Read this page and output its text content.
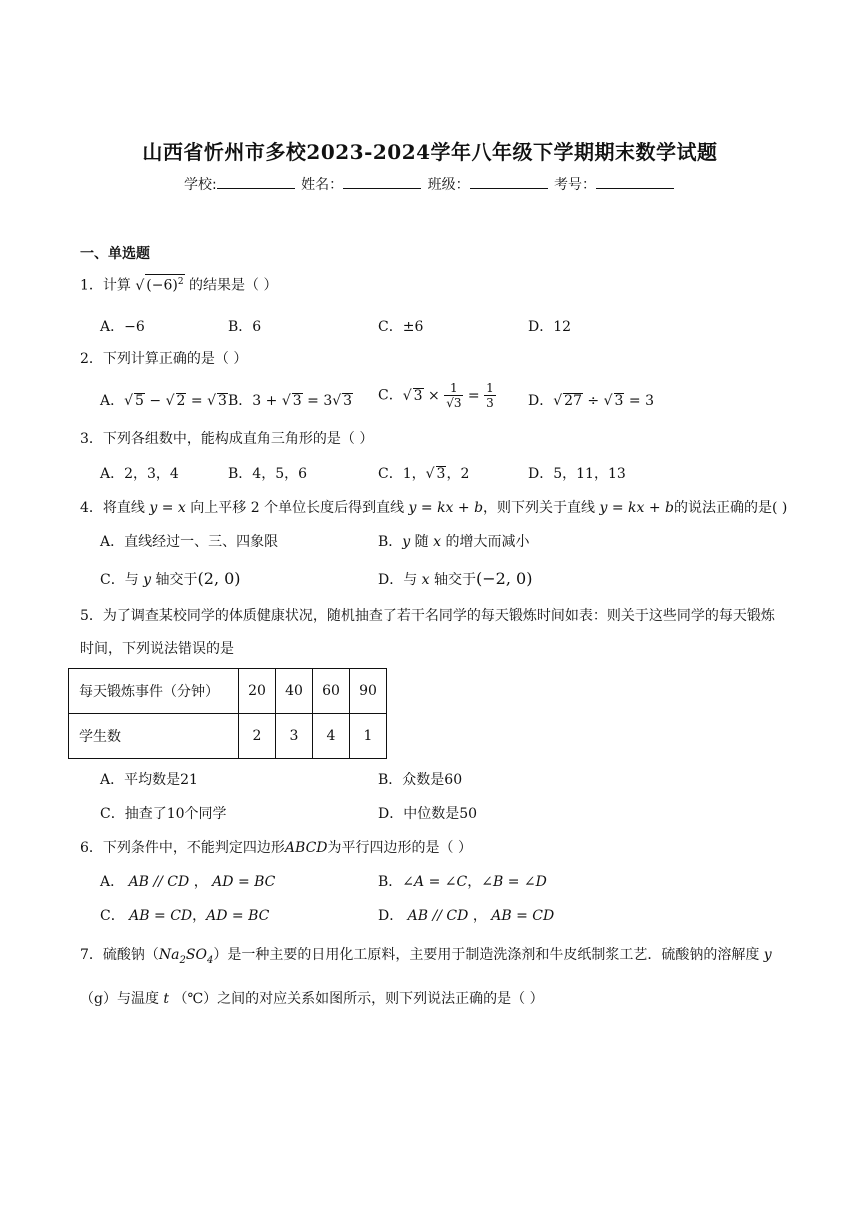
山西省忻州市多校2023-2024学年八年级下学期期末数学试题
学校:	姓名：	班级：	考号：
一、单选题
1．计算 √ $(-6)^2$ 的结果是（ ）
A．−6	B．6	C．±6	D．12
2．下列计算正确的是（ ）
A．√ 5 − √ 2 = √ 3 B．3 + √ 3 = 3√ 3 C．√ $3 \times \frac{1}{√3} = \frac{1}{3}$ D．√ 27 ÷ √ 3 = 3
3．下列各组数中，能构成直角三角形的是（ ）
A．2，3，4	B．4，5，6	C．1，√ 3，2	D．5，11，13
4．将直线 y = x 向上平移 2 个单位长度后得到直线 y = kx + b，则下列关于直线 y = kx + b的说法正确的是( )
A．直线经过一、三、四象限	B．y 随 x 的增大而减小
C．与 y 轴交于(2, 0)	D．与 x 轴交于(−2, 0)
5．为了调查某校同学的体质健康状况，随机抽查了若干名同学的每天锻炼时间如表：则关于这些同学的每天锻炼时间，下列说法错误的是
每天锻炼事件（分钟）	20	40	60	90
学生数	2	3	4	1
A．平均数是21	B．众数是60
C．抽查了10个同学	D．中位数是50
6．下列条件中，不能判定四边形ABCD为平行四边形的是（ ）
A． AB // CD ， AD = BC	B．∠A = ∠C，∠B = ∠D
C． AB = CD，AD = BC	D． AB // CD ， AB = CD
7．硫酸钠$(Na_2SO_4)$是一种主要的日用化工原料，主要用于制造洗涤剂和牛皮纸制浆工艺．硫酸钠的溶解度 y （g）与温度 t （℃）之间的对应关系如图所示，则下列说法正确的是（ ）
